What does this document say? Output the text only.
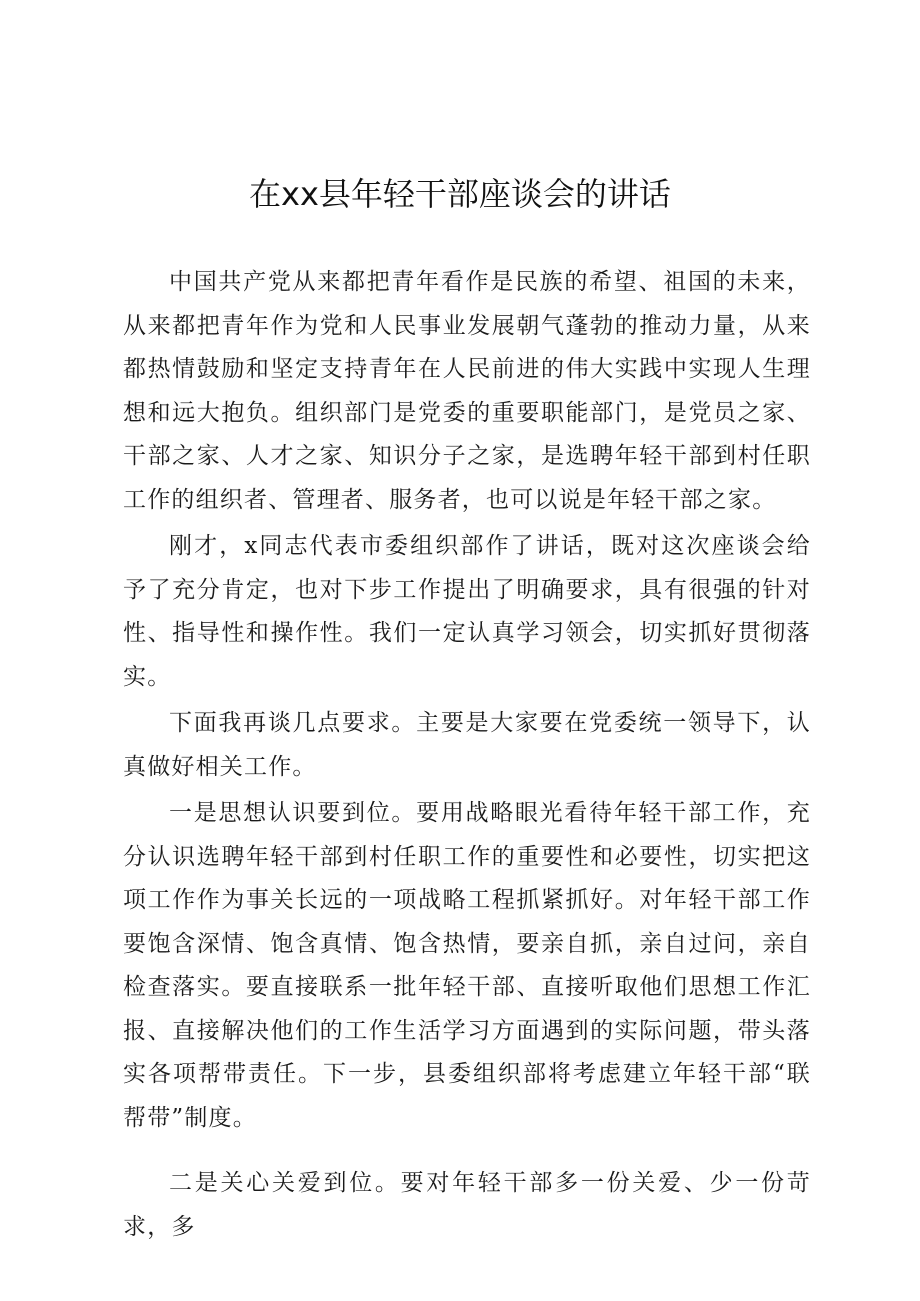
在xx县年轻干部座谈会的讲话

中国共产党从来都把青年看作是民族的希望、祖国的未来，从来都把青年作为党和人民事业发展朝气蓬勃的推动力量，从来都热情鼓励和坚定支持青年在人民前进的伟大实践中实现人生理想和远大抱负。组织部门是党委的重要职能部门，是党员之家、干部之家、人才之家、知识分子之家，是选聘年轻干部到村任职工作的组织者、管理者、服务者，也可以说是年轻干部之家。

刚才，x同志代表市委组织部作了讲话，既对这次座谈会给予了充分肯定，也对下步工作提出了明确要求，具有很强的针对性、指导性和操作性。我们一定认真学习领会，切实抓好贯彻落实。

下面我再谈几点要求。主要是大家要在党委统一领导下，认真做好相关工作。

一是思想认识要到位。要用战略眼光看待年轻干部工作，充分认识选聘年轻干部到村任职工作的重要性和必要性，切实把这项工作作为事关长远的一项战略工程抓紧抓好。对年轻干部工作要饱含深情、饱含真情、饱含热情，要亲自抓，亲自过问，亲自检查落实。要直接联系一批年轻干部、直接听取他们思想工作汇报、直接解决他们的工作生活学习方面遇到的实际问题，带头落实各项帮带责任。下一步，县委组织部将考虑建立年轻干部“联帮带”制度。

二是关心关爱到位。要对年轻干部多一份关爱、少一份苛求，多
